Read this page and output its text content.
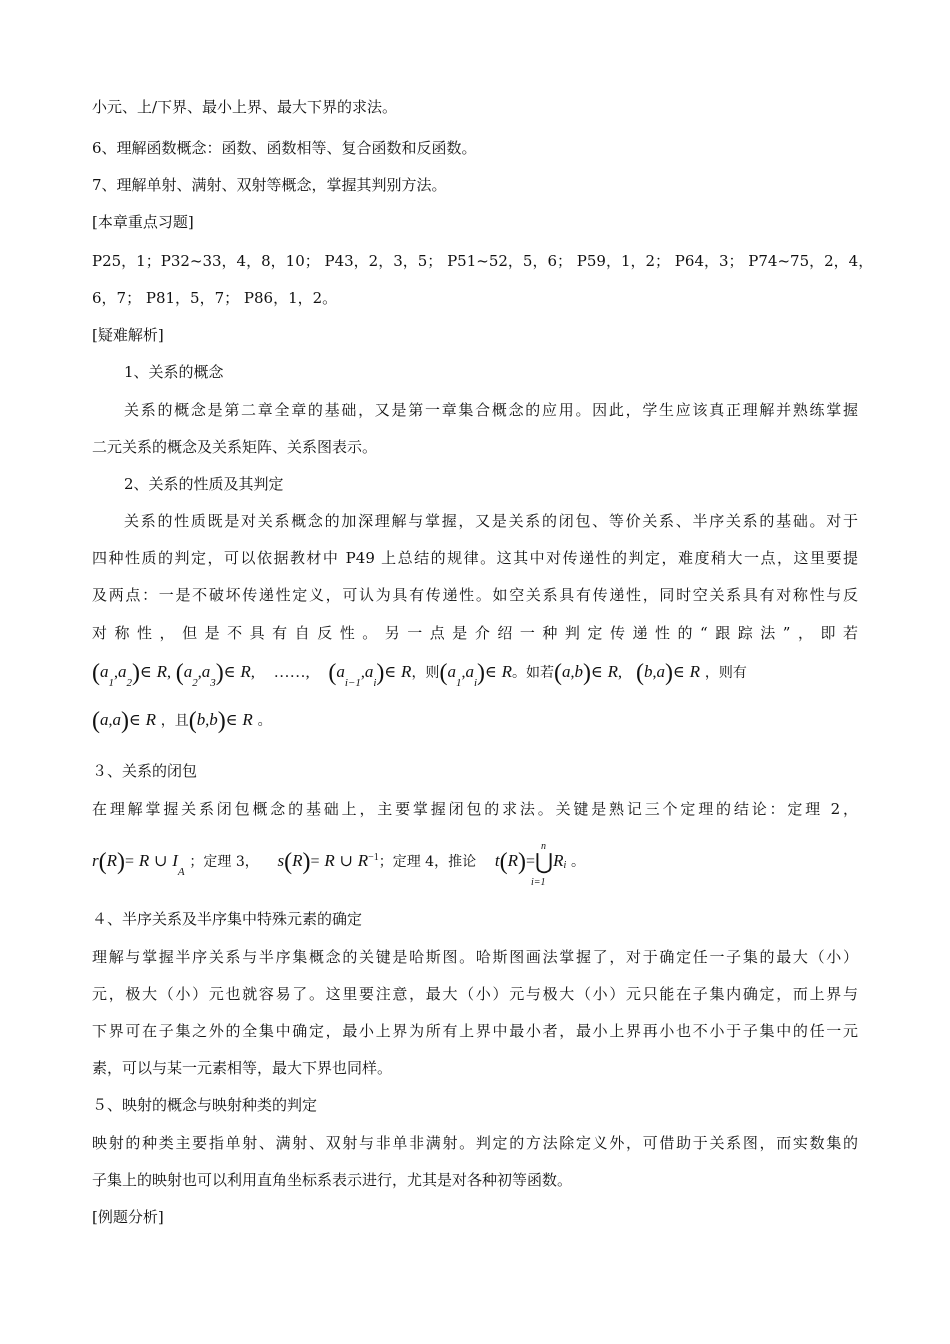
小元、上/下界、最小上界、最大下界的求法。
6、理解函数概念：函数、函数相等、复合函数和反函数。
7、理解单射、满射、双射等概念，掌握其判别方法。
[本章重点习题]
P25，1；P32~33，4，8，10； P43，2，3，5； P51~52，5，6； P59，1，2； P64，3； P74~75，2，4，
6，7； P81，5，7； P86，1，2。
[疑难解析]
1、关系的概念
关系的概念是第二章全章的基础，又是第一章集合概念的应用。因此，学生应该真正理解并熟练掌握
二元关系的概念及关系矩阵、关系图表示。
2、关系的性质及其判定
关系的性质既是对关系概念的加深理解与掌握，又是关系的闭包、等价关系、半序关系的基础。对于
四种性质的判定，可以依据教材中 P49 上总结的规律。这其中对传递性的判定，难度稍大一点，这里要提
及两点：一是不破坏传递性定义，可认为具有传递性。如空关系具有传递性，同时空关系具有对称性与反
对称性，但是不具有自反性。另一点是介绍一种判定传递性的“跟踪法”，即若
$(a_1,a_2)\in$ R, $(a_2,a_3)\in$ R, ……, $(a_{i-1},a_i)\in$ R，则$(a_1,a_i)\in$ R。如若(a,b)∈ R, (b,a)∈ R ，则有
(a,a)∈ R ，且(b,b)∈ R 。
３、关系的闭包
在理解掌握关系闭包概念的基础上，主要掌握闭包的求法。关键是熟记三个定理的结论：定理 2，
r(R)= R ∪ $I_A$ ；定理 3， s(R)= R ∪ $R^{-1}$；定理 4，推论 t(R)=⋃
n
i=1
$R_i$ 。
４、半序关系及半序集中特殊元素的确定
理解与掌握半序关系与半序集概念的关键是哈斯图。哈斯图画法掌握了，对于确定任一子集的最大（小）
元，极大（小）元也就容易了。这里要注意，最大（小）元与极大（小）元只能在子集内确定，而上界与
下界可在子集之外的全集中确定，最小上界为所有上界中最小者，最小上界再小也不小于子集中的任一元
素，可以与某一元素相等，最大下界也同样。
５、映射的概念与映射种类的判定
映射的种类主要指单射、满射、双射与非单非满射。判定的方法除定义外，可借助于关系图，而实数集的
子集上的映射也可以利用直角坐标系表示进行，尤其是对各种初等函数。
[例题分析]
